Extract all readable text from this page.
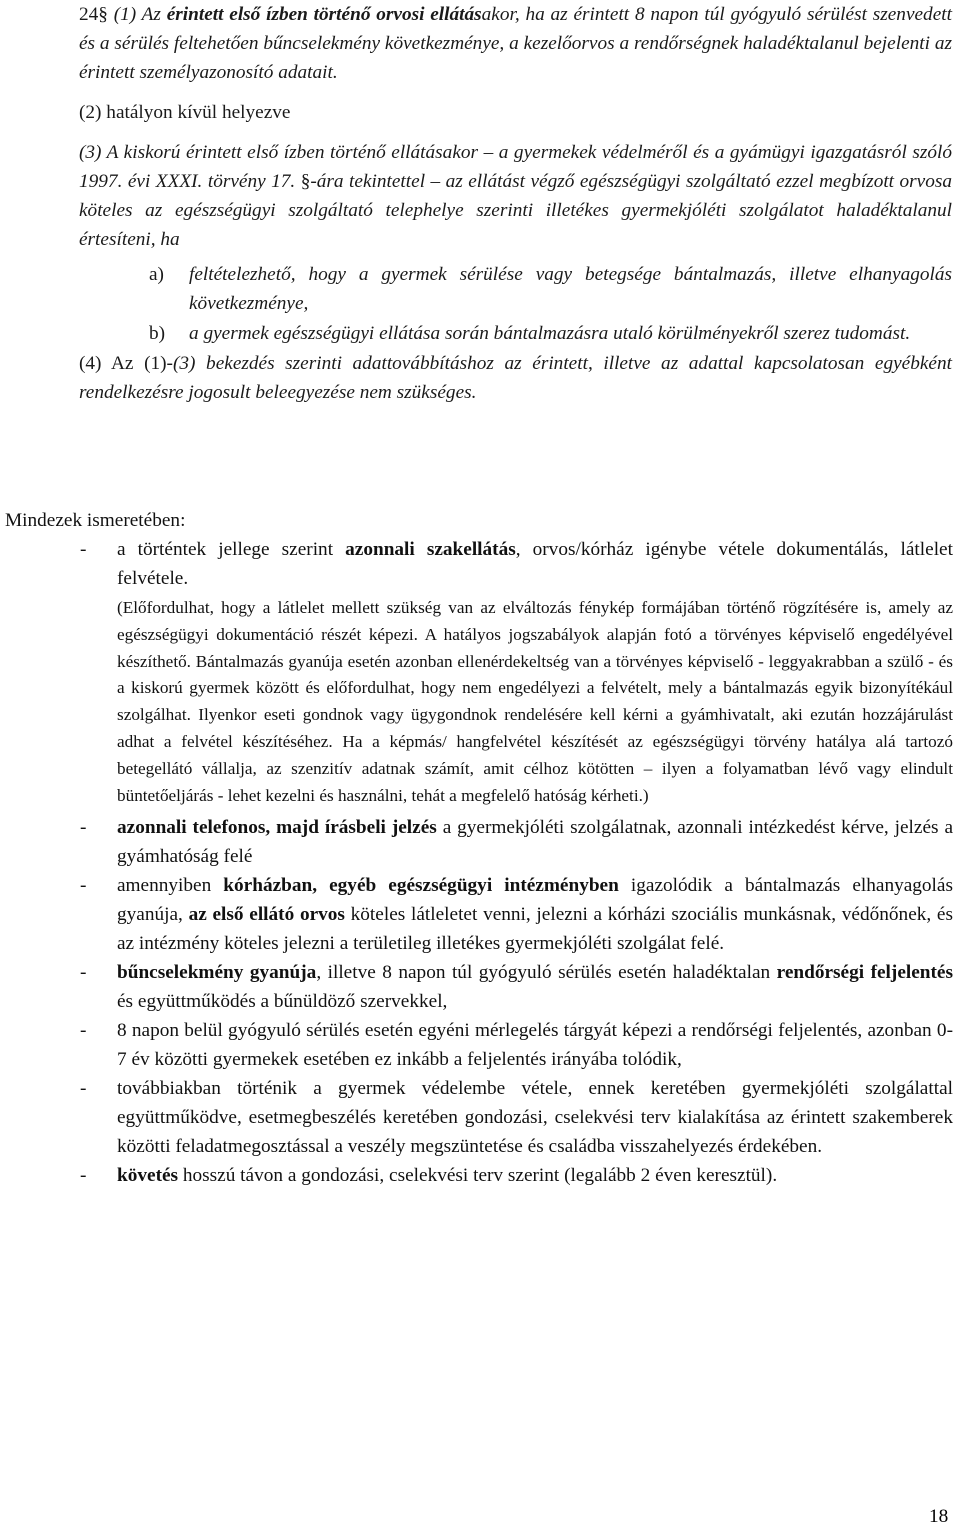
24§ (1) Az érintett első ízben történő orvosi ellátásakor, ha az érintett 8 napon túl gyógyuló sérülést szenvedett és a sérülés feltehetően bűncselekmény következménye, a kezelőorvos a rendőrségnek haladéktalanul bejelenti az érintett személyazonosító adatait.

(2) hatályon kívül helyezve

(3) A kiskorú érintett első ízben történő ellátásakor – a gyermekek védelméről és a gyámügyi igazgatásról szóló 1997. évi XXXI. törvény 17. §-ára tekintettel – az ellátást végző egészségügyi szolgáltató ezzel megbízott orvosa köteles az egészségügyi szolgáltató telephelye szerinti illetékes gyermekjóléti szolgálatot haladéktalanul értesíteni, ha

a) feltételezhető, hogy a gyermek sérülése vagy betegsége bántalmazás, illetve elhanyagolás következménye,
b) a gyermek egészségügyi ellátása során bántalmazásra utaló körülményekről szerez tudomást.

(4) Az (1)-(3) bekezdés szerinti adattovábbításhoz az érintett, illetve az adattal kapcsolatosan egyébként rendelkezésre jogosult beleegyezése nem szükséges.

Mindezek ismeretében:

- a történtek jellege szerint azonnali szakellátás, orvos/kórház igénybe vétele dokumentálás, látlelet felvétele.
(Előfordulhat, hogy a látlelet mellett szükség van az elváltozás fénykép formájában történő rögzítésére is, amely az egészségügyi dokumentáció részét képezi. A hatályos jogszabályok alapján fotó a törvényes képviselő engedélyével készíthető. Bántalmazás gyanúja esetén azonban ellenérdekeltség van a törvényes képviselő - leggyakrabban a szülő - és a kiskorú gyermek között és előfordulhat, hogy nem engedélyezi a felvételt, mely a bántalmazás egyik bizonyítékául szolgálhat. Ilyenkor eseti gondnok vagy ügygondnok rendelésére kell kérni a gyámhivatalt, aki ezután hozzájárulást adhat a felvétel készítéséhez. Ha a képmás/ hangfelvétel készítését az egészségügyi törvény hatálya alá tartozó betegellátó vállalja, az szenzitív adatnak számít, amit célhoz kötötten – ilyen a folyamatban lévő vagy elindult büntetőeljárás - lehet kezelni és használni, tehát a megfelelő hatóság kérheti.)
- azonnali telefonos, majd írásbeli jelzés a gyermekjóléti szolgálatnak, azonnali intézkedést kérve, jelzés a gyámhatóság felé
- amennyiben kórházban, egyéb egészségügyi intézményben igazolódik a bántalmazás elhanyagolás gyanúja, az első ellátó orvos köteles látleletet venni, jelezni a kórházi szociális munkásnak, védőnőnek, és az intézmény köteles jelezni a területileg illetékes gyermekjóléti szolgálat felé.
- bűncselekmény gyanúja, illetve 8 napon túl gyógyuló sérülés esetén haladéktalan rendőrségi feljelentés és együttműködés a bűnüldöző szervekkel,
- 8 napon belül gyógyuló sérülés esetén egyéni mérlegelés tárgyát képezi a rendőrségi feljelentés, azonban 0-7 év közötti gyermekek esetében ez inkább a feljelentés irányába tolódik,
- továbbiakban történik a gyermek védelembe vétele, ennek keretében gyermekjóléti szolgálattal együttműködve, esetmegbeszélés keretében gondozási, cselekvési terv kialakítása az érintett szakemberek közötti feladatmegosztással a veszély megszüntetése és családba visszahelyezés érdekében.
- követés hosszú távon a gondozási, cselekvési terv szerint (legalább 2 éven keresztül).
18
